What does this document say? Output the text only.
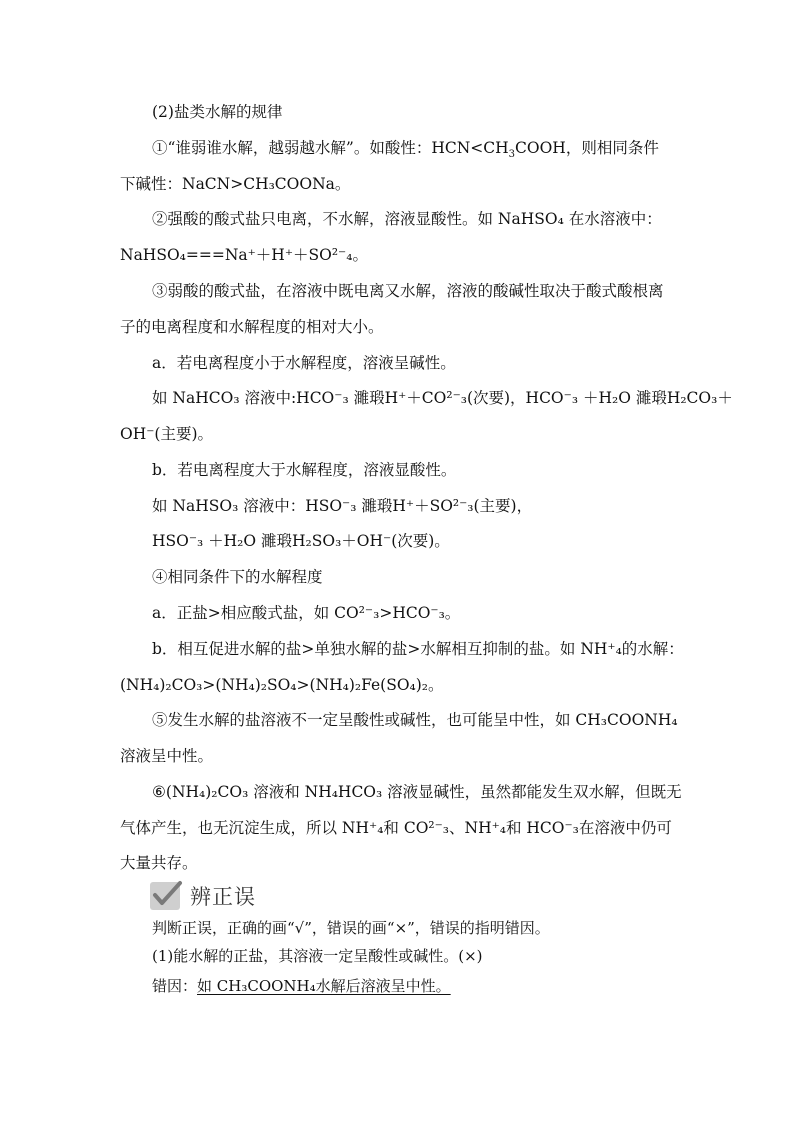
(2)盐类水解的规律
①“谁弱谁水解，越弱越水解”。如酸性：$HCN<CH_3COOH$，则相同条件
下碱性：NaCN>CH₃COONa。
②强酸的酸式盐只电离，不水解，溶液显酸性。如 NaHSO₄ 在水溶液中：
NaHSO₄===Na⁺＋H⁺＋SO²⁻₄。
③弱酸的酸式盐，在溶液中既电离又水解，溶液的酸碱性取决于酸式酸根离
子的电离程度和水解程度的相对大小。
a．若电离程度小于水解程度，溶液呈碱性。
如 NaHCO₃ 溶液中:HCO⁻₃ 濉瑖H⁺＋CO²⁻₃(次要)，HCO⁻₃ ＋H₂O 濉瑖H₂CO₃＋
OH⁻(主要)。
b．若电离程度大于水解程度，溶液显酸性。
如 NaHSO₃ 溶液中：HSO⁻₃ 濉瑖H⁺＋SO²⁻₃(主要)，
HSO⁻₃ ＋H₂O 濉瑖H₂SO₃＋OH⁻(次要)。
④相同条件下的水解程度
a．正盐>相应酸式盐，如 CO²⁻₃>HCO⁻₃。
b．相互促进水解的盐>单独水解的盐>水解相互抑制的盐。如 NH⁺₄的水解：
(NH₄)₂CO₃>(NH₄)₂SO₄>(NH₄)₂Fe(SO₄)₂。
⑤发生水解的盐溶液不一定呈酸性或碱性，也可能呈中性，如 CH₃COONH₄
溶液呈中性。
⑥(NH₄)₂CO₃ 溶液和 NH₄HCO₃ 溶液显碱性，虽然都能发生双水解，但既无
气体产生，也无沉淀生成，所以 NH⁺₄和 CO²⁻₃、NH⁺₄和 HCO⁻₃在溶液中仍可
大量共存。
辨正误
判断正误，正确的画“√”，错误的画“×”，错误的指明错因。
(1)能水解的正盐，其溶液一定呈酸性或碱性。(×)
错因：如 CH₃COONH₄水解后溶液呈中性。
